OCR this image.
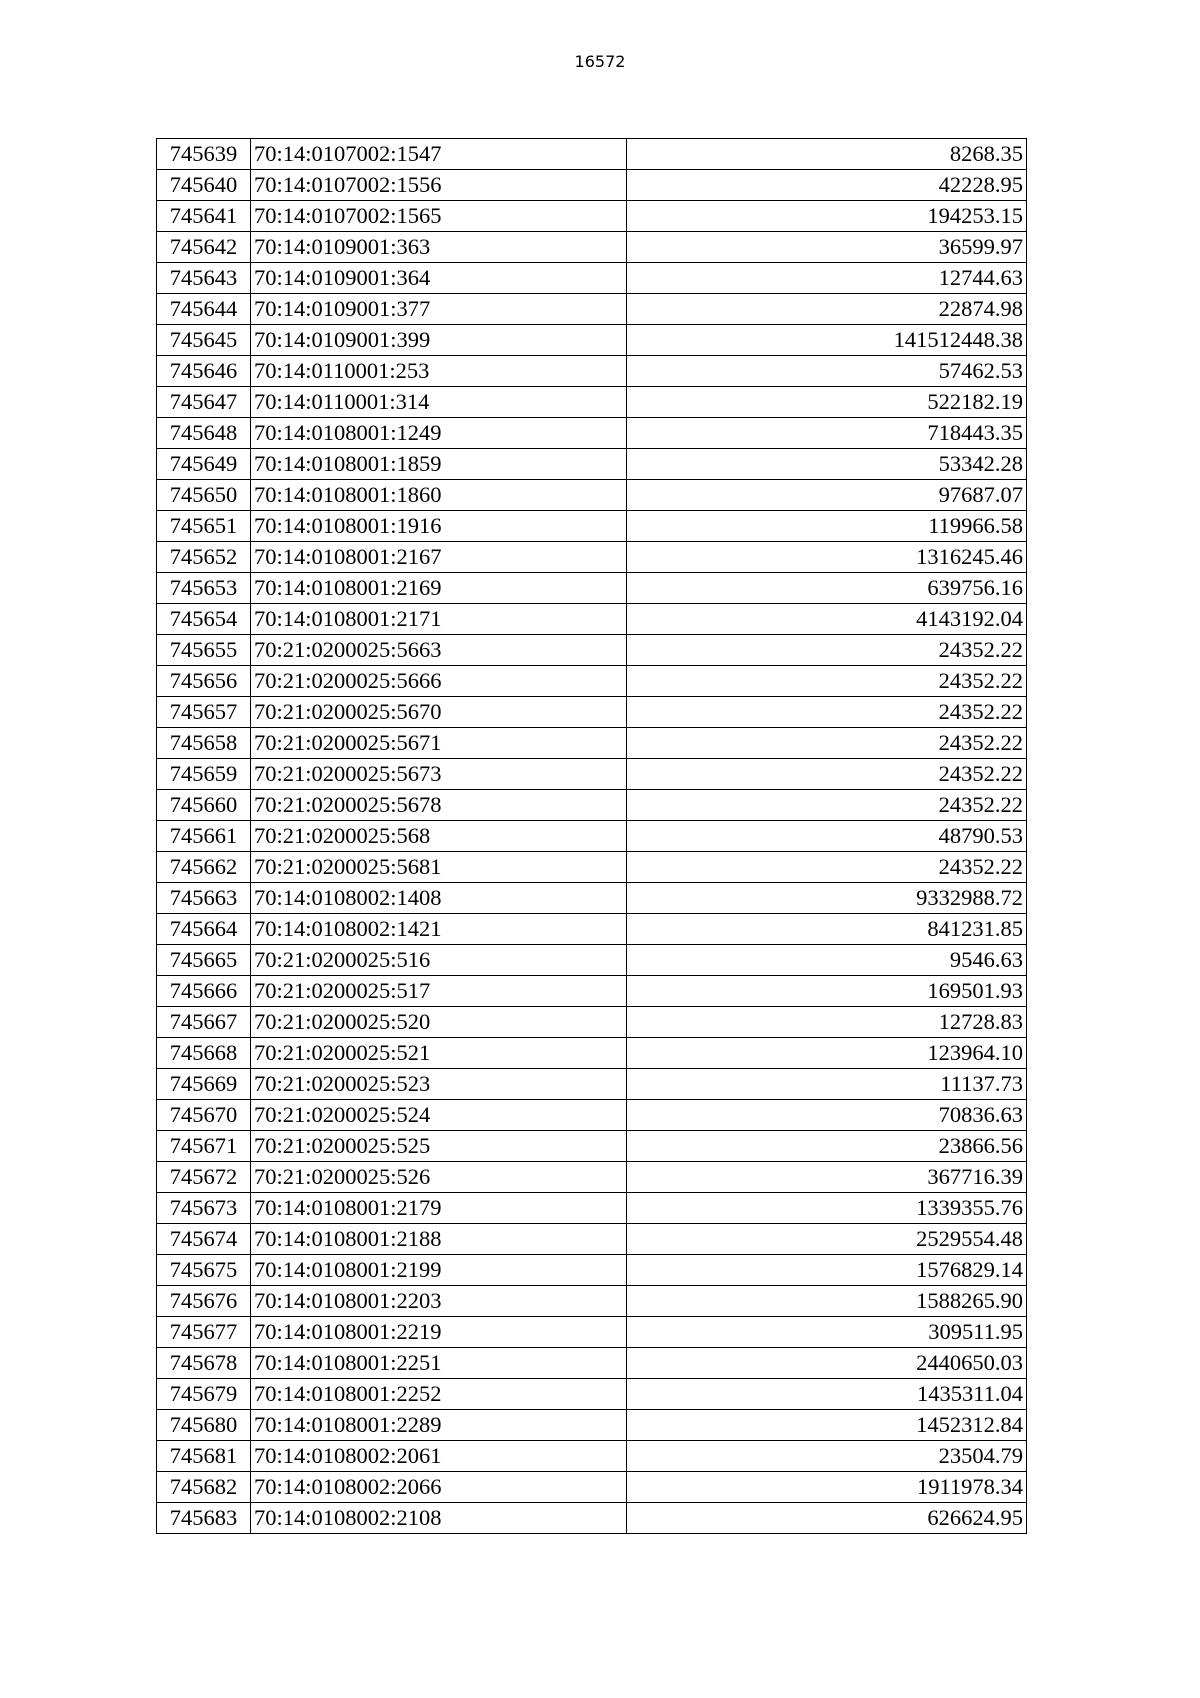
16572
745639	70:14:0107002:1547	8268.35
745640	70:14:0107002:1556	42228.95
745641	70:14:0107002:1565	194253.15
745642	70:14:0109001:363	36599.97
745643	70:14:0109001:364	12744.63
745644	70:14:0109001:377	22874.98
745645	70:14:0109001:399	141512448.38
745646	70:14:0110001:253	57462.53
745647	70:14:0110001:314	522182.19
745648	70:14:0108001:1249	718443.35
745649	70:14:0108001:1859	53342.28
745650	70:14:0108001:1860	97687.07
745651	70:14:0108001:1916	119966.58
745652	70:14:0108001:2167	1316245.46
745653	70:14:0108001:2169	639756.16
745654	70:14:0108001:2171	4143192.04
745655	70:21:0200025:5663	24352.22
745656	70:21:0200025:5666	24352.22
745657	70:21:0200025:5670	24352.22
745658	70:21:0200025:5671	24352.22
745659	70:21:0200025:5673	24352.22
745660	70:21:0200025:5678	24352.22
745661	70:21:0200025:568	48790.53
745662	70:21:0200025:5681	24352.22
745663	70:14:0108002:1408	9332988.72
745664	70:14:0108002:1421	841231.85
745665	70:21:0200025:516	9546.63
745666	70:21:0200025:517	169501.93
745667	70:21:0200025:520	12728.83
745668	70:21:0200025:521	123964.10
745669	70:21:0200025:523	11137.73
745670	70:21:0200025:524	70836.63
745671	70:21:0200025:525	23866.56
745672	70:21:0200025:526	367716.39
745673	70:14:0108001:2179	1339355.76
745674	70:14:0108001:2188	2529554.48
745675	70:14:0108001:2199	1576829.14
745676	70:14:0108001:2203	1588265.90
745677	70:14:0108001:2219	309511.95
745678	70:14:0108001:2251	2440650.03
745679	70:14:0108001:2252	1435311.04
745680	70:14:0108001:2289	1452312.84
745681	70:14:0108002:2061	23504.79
745682	70:14:0108002:2066	1911978.34
745683	70:14:0108002:2108	626624.95
